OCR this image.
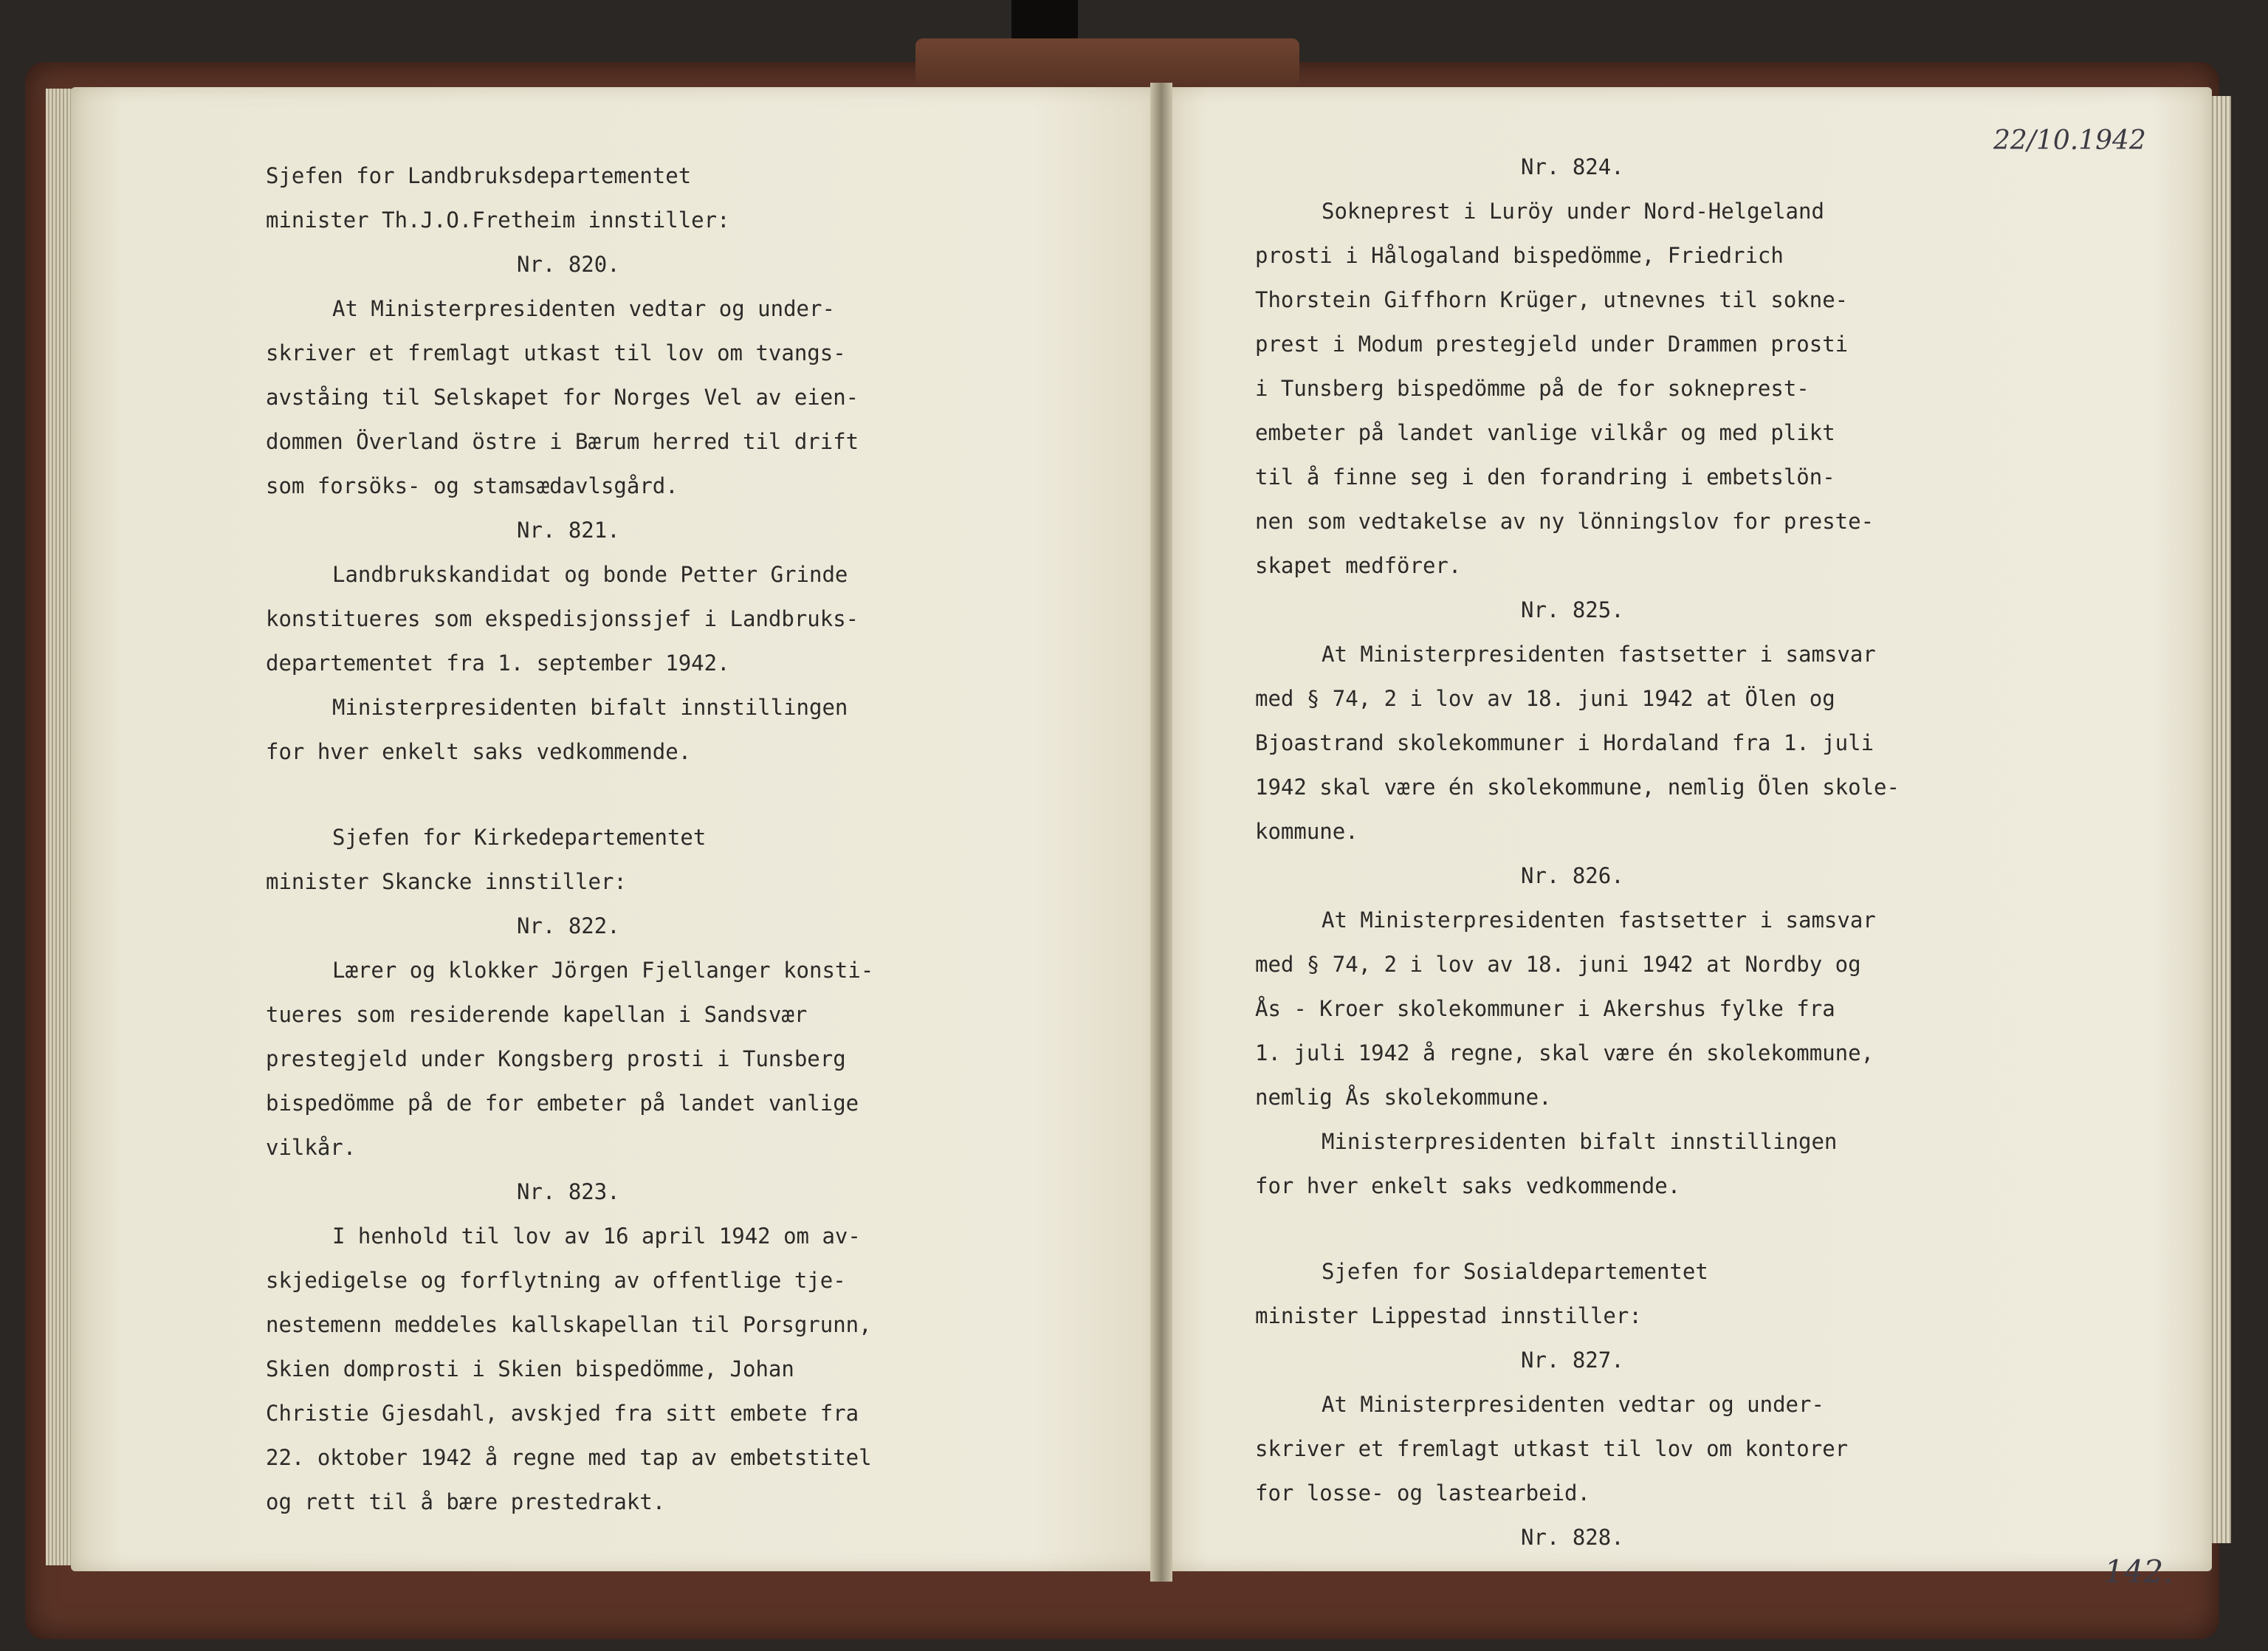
Sjefen for Landbruksdepartementet
minister Th.J.O.Fretheim innstiller:
Nr. 820.
At Ministerpresidenten vedtar og under-
skriver et fremlagt utkast til lov om tvangs-
avståing til Selskapet for Norges Vel av eien-
dommen Överland östre i Bærum herred til drift
som forsöks- og stamsædavlsgård.
Nr. 821.
Landbrukskandidat og bonde Petter Grinde
konstitueres som ekspedisjonssjef i Landbruks-
departementet fra 1. september 1942.
Ministerpresidenten bifalt innstillingen
for hver enkelt saks vedkommende.
Sjefen for Kirkedepartementet
minister Skancke innstiller:
Nr. 822.
Lærer og klokker Jörgen Fjellanger konsti-
tueres som residerende kapellan i Sandsvær
prestegjeld under Kongsberg prosti i Tunsberg
bispedömme på de for embeter på landet vanlige
vilkår.
Nr. 823.
I henhold til lov av 16 april 1942 om av-
skjedigelse og forflytning av offentlige tje-
nestemenn meddeles kallskapellan til Porsgrunn,
Skien domprosti i Skien bispedömme, Johan
Christie Gjesdahl, avskjed fra sitt embete fra
22. oktober 1942 å regne med tap av embetstitel
og rett til å bære prestedrakt.
Nr. 824.
Sokneprest i Luröy under Nord-Helgeland
prosti i Hålogaland bispedömme, Friedrich
Thorstein Giffhorn Krüger, utnevnes til sokne-
prest i Modum prestegjeld under Drammen prosti
i Tunsberg bispedömme på de for sokneprest-
embeter på landet vanlige vilkår og med plikt
til å finne seg i den forandring i embetslön-
nen som vedtakelse av ny lönningslov for preste-
skapet medförer.
Nr. 825.
At Ministerpresidenten fastsetter i samsvar
med § 74, 2 i lov av 18. juni 1942 at Ölen og
Bjoastrand skolekommuner i Hordaland fra 1. juli
1942 skal være én skolekommune, nemlig Ölen skole-
kommune.
Nr. 826.
At Ministerpresidenten fastsetter i samsvar
med § 74, 2 i lov av 18. juni 1942 at Nordby og
Ås - Kroer skolekommuner i Akershus fylke fra
1. juli 1942 å regne, skal være én skolekommune,
nemlig Ås skolekommune.
Ministerpresidenten bifalt innstillingen
for hver enkelt saks vedkommende.
Sjefen for Sosialdepartementet
minister Lippestad innstiller:
Nr. 827.
At Ministerpresidenten vedtar og under-
skriver et fremlagt utkast til lov om kontorer
for losse- og lastearbeid.
Nr. 828.
22/10.1942
142.
